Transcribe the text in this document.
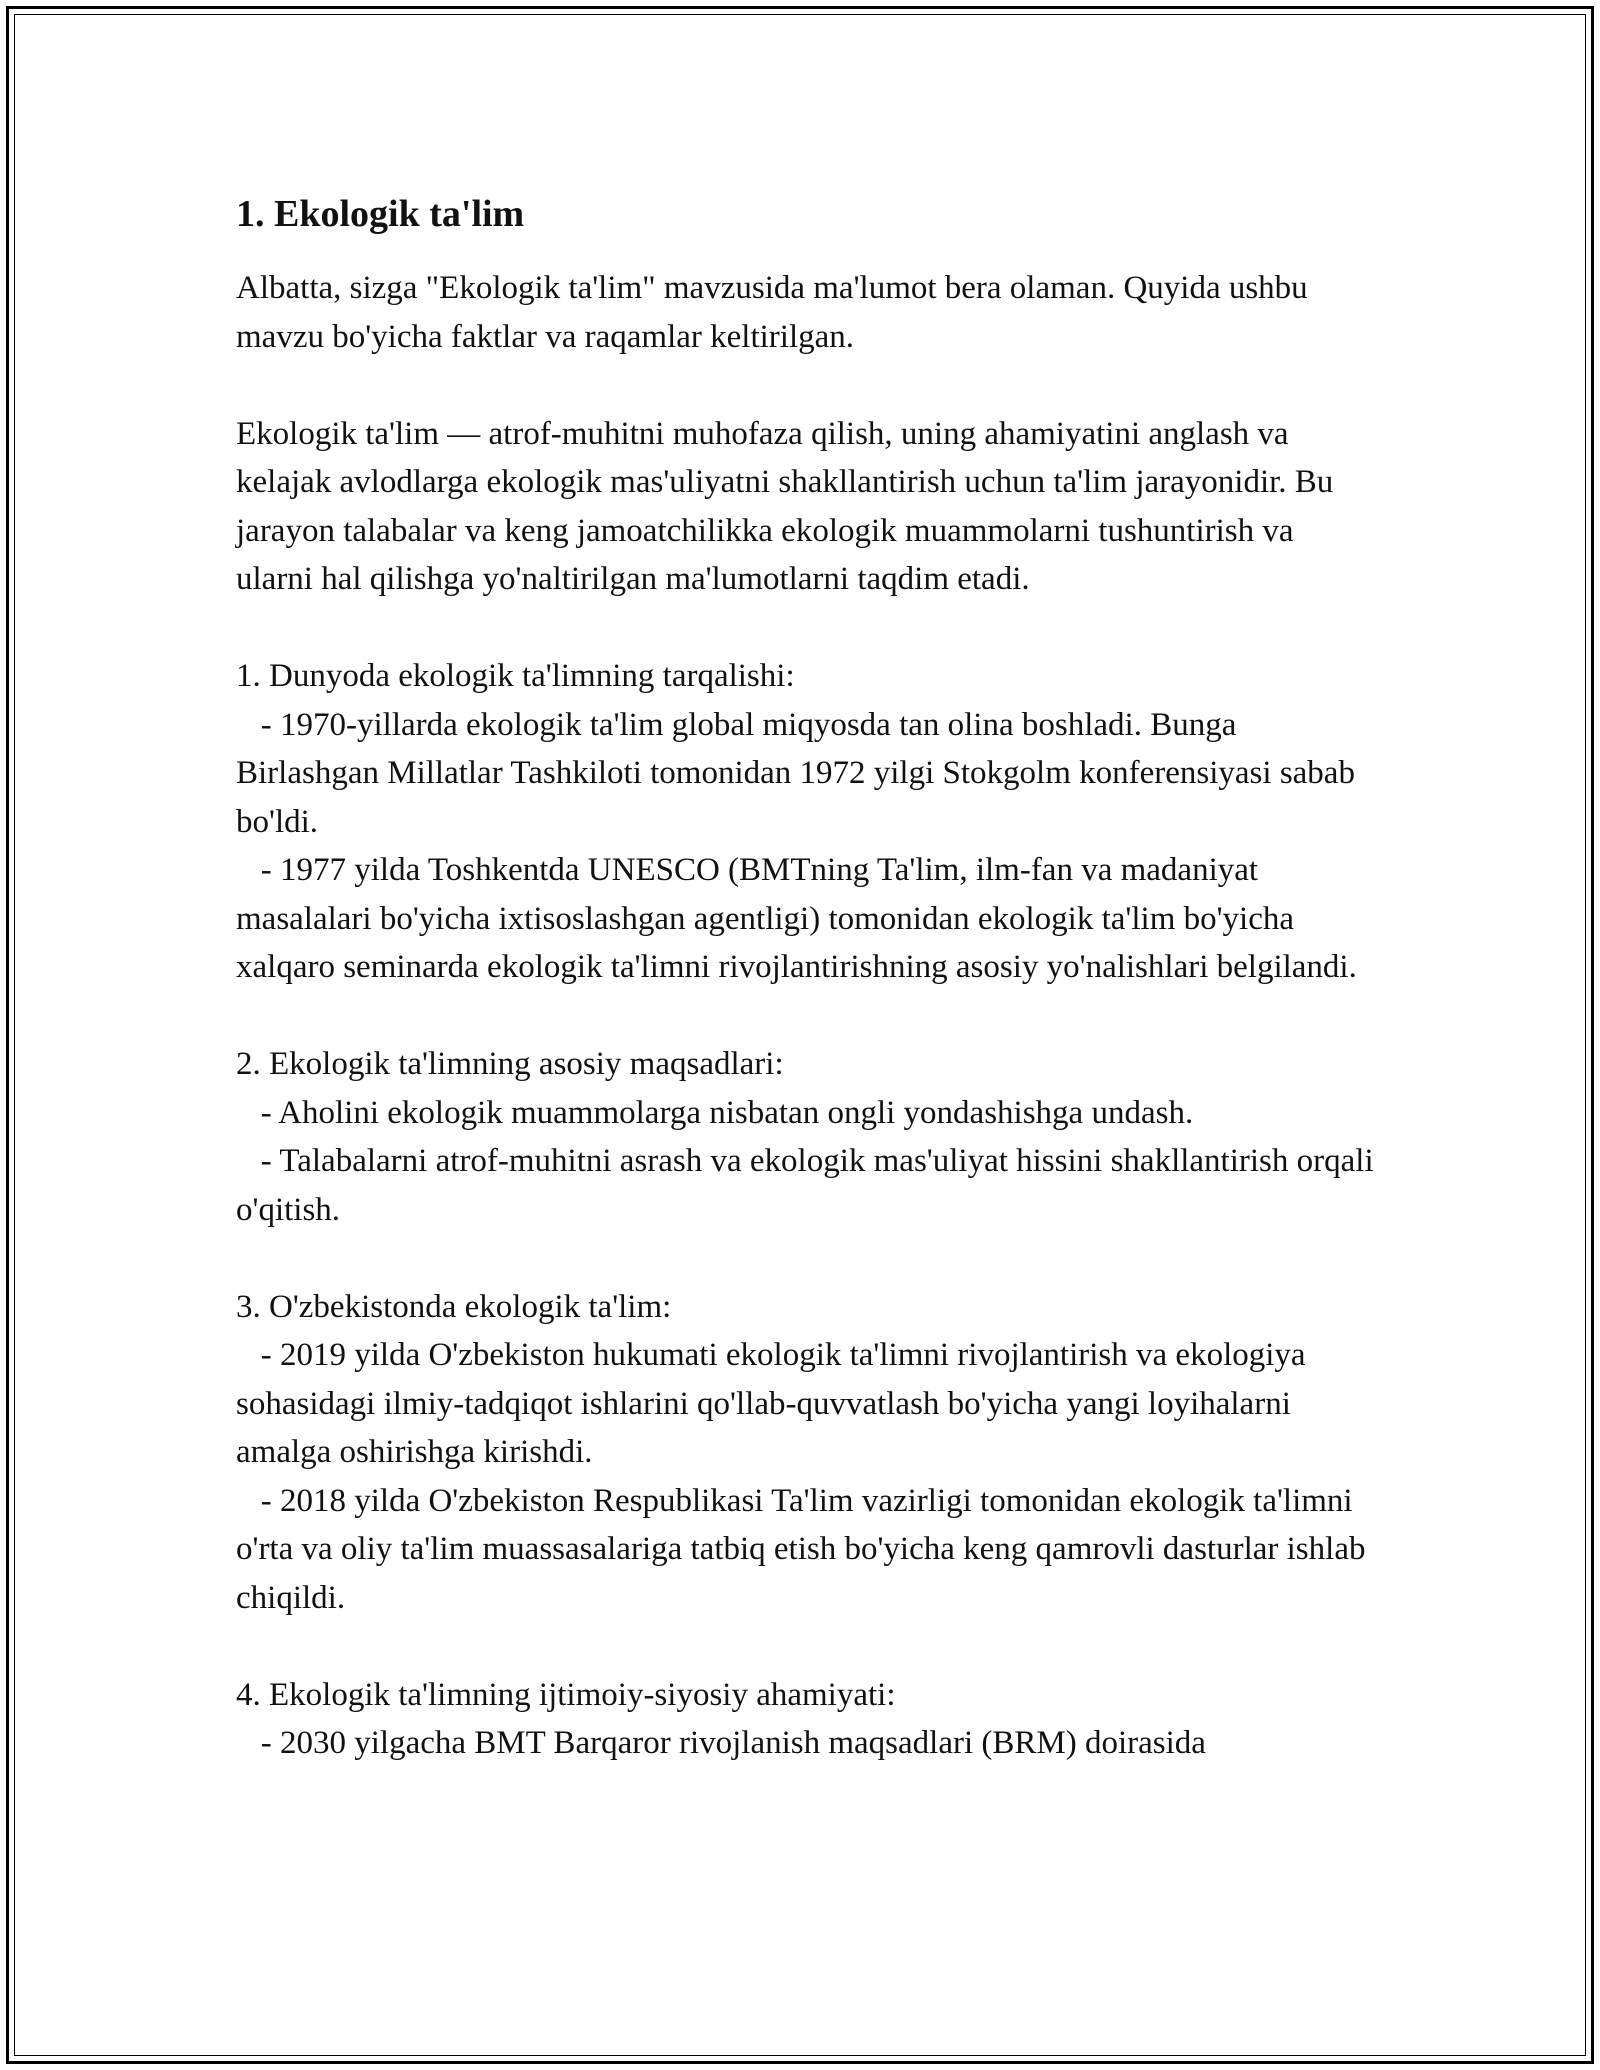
1. Ekologik ta'lim

Albatta, sizga "Ekologik ta'lim" mavzusida ma'lumot bera olaman. Quyida ushbu mavzu bo'yicha faktlar va raqamlar keltirilgan.

Ekologik ta'lim — atrof-muhitni muhofaza qilish, uning ahamiyatini anglash va kelajak avlodlarga ekologik mas'uliyatni shakllantirish uchun ta'lim jarayonidir. Bu jarayon talabalar va keng jamoatchilikka ekologik muammolarni tushuntirish va ularni hal qilishga yo'naltirilgan ma'lumotlarni taqdim etadi.

1. Dunyoda ekologik ta'limning tarqalishi:

- 1970-yillarda ekologik ta'lim global miqyosda tan olina boshladi. Bunga Birlashgan Millatlar Tashkiloti tomonidan 1972 yilgi Stokgolm konferensiyasi sabab bo'ldi.

- 1977 yilda Toshkentda UNESCO (BMTning Ta'lim, ilm-fan va madaniyat masalalari bo'yicha ixtisoslashgan agentligi) tomonidan ekologik ta'lim bo'yicha xalqaro seminarda ekologik ta'limni rivojlantirishning asosiy yo'nalishlari belgilandi.

2. Ekologik ta'limning asosiy maqsadlari:

- Aholini ekologik muammolarga nisbatan ongli yondashishga undash.

- Talabalarni atrof-muhitni asrash va ekologik mas'uliyat hissini shakllantirish orqali o'qitish.

3. O'zbekistonda ekologik ta'lim:

- 2019 yilda O'zbekiston hukumati ekologik ta'limni rivojlantirish va ekologiya sohasidagi ilmiy-tadqiqot ishlarini qo'llab-quvvatlash bo'yicha yangi loyihalarni amalga oshirishga kirishdi.

- 2018 yilda O'zbekiston Respublikasi Ta'lim vazirligi tomonidan ekologik ta'limni o'rta va oliy ta'lim muassasalariga tatbiq etish bo'yicha keng qamrovli dasturlar ishlab chiqildi.

4. Ekologik ta'limning ijtimoiy-siyosiy ahamiyati:

- 2030 yilgacha BMT Barqaror rivojlanish maqsadlari (BRM) doirasida
